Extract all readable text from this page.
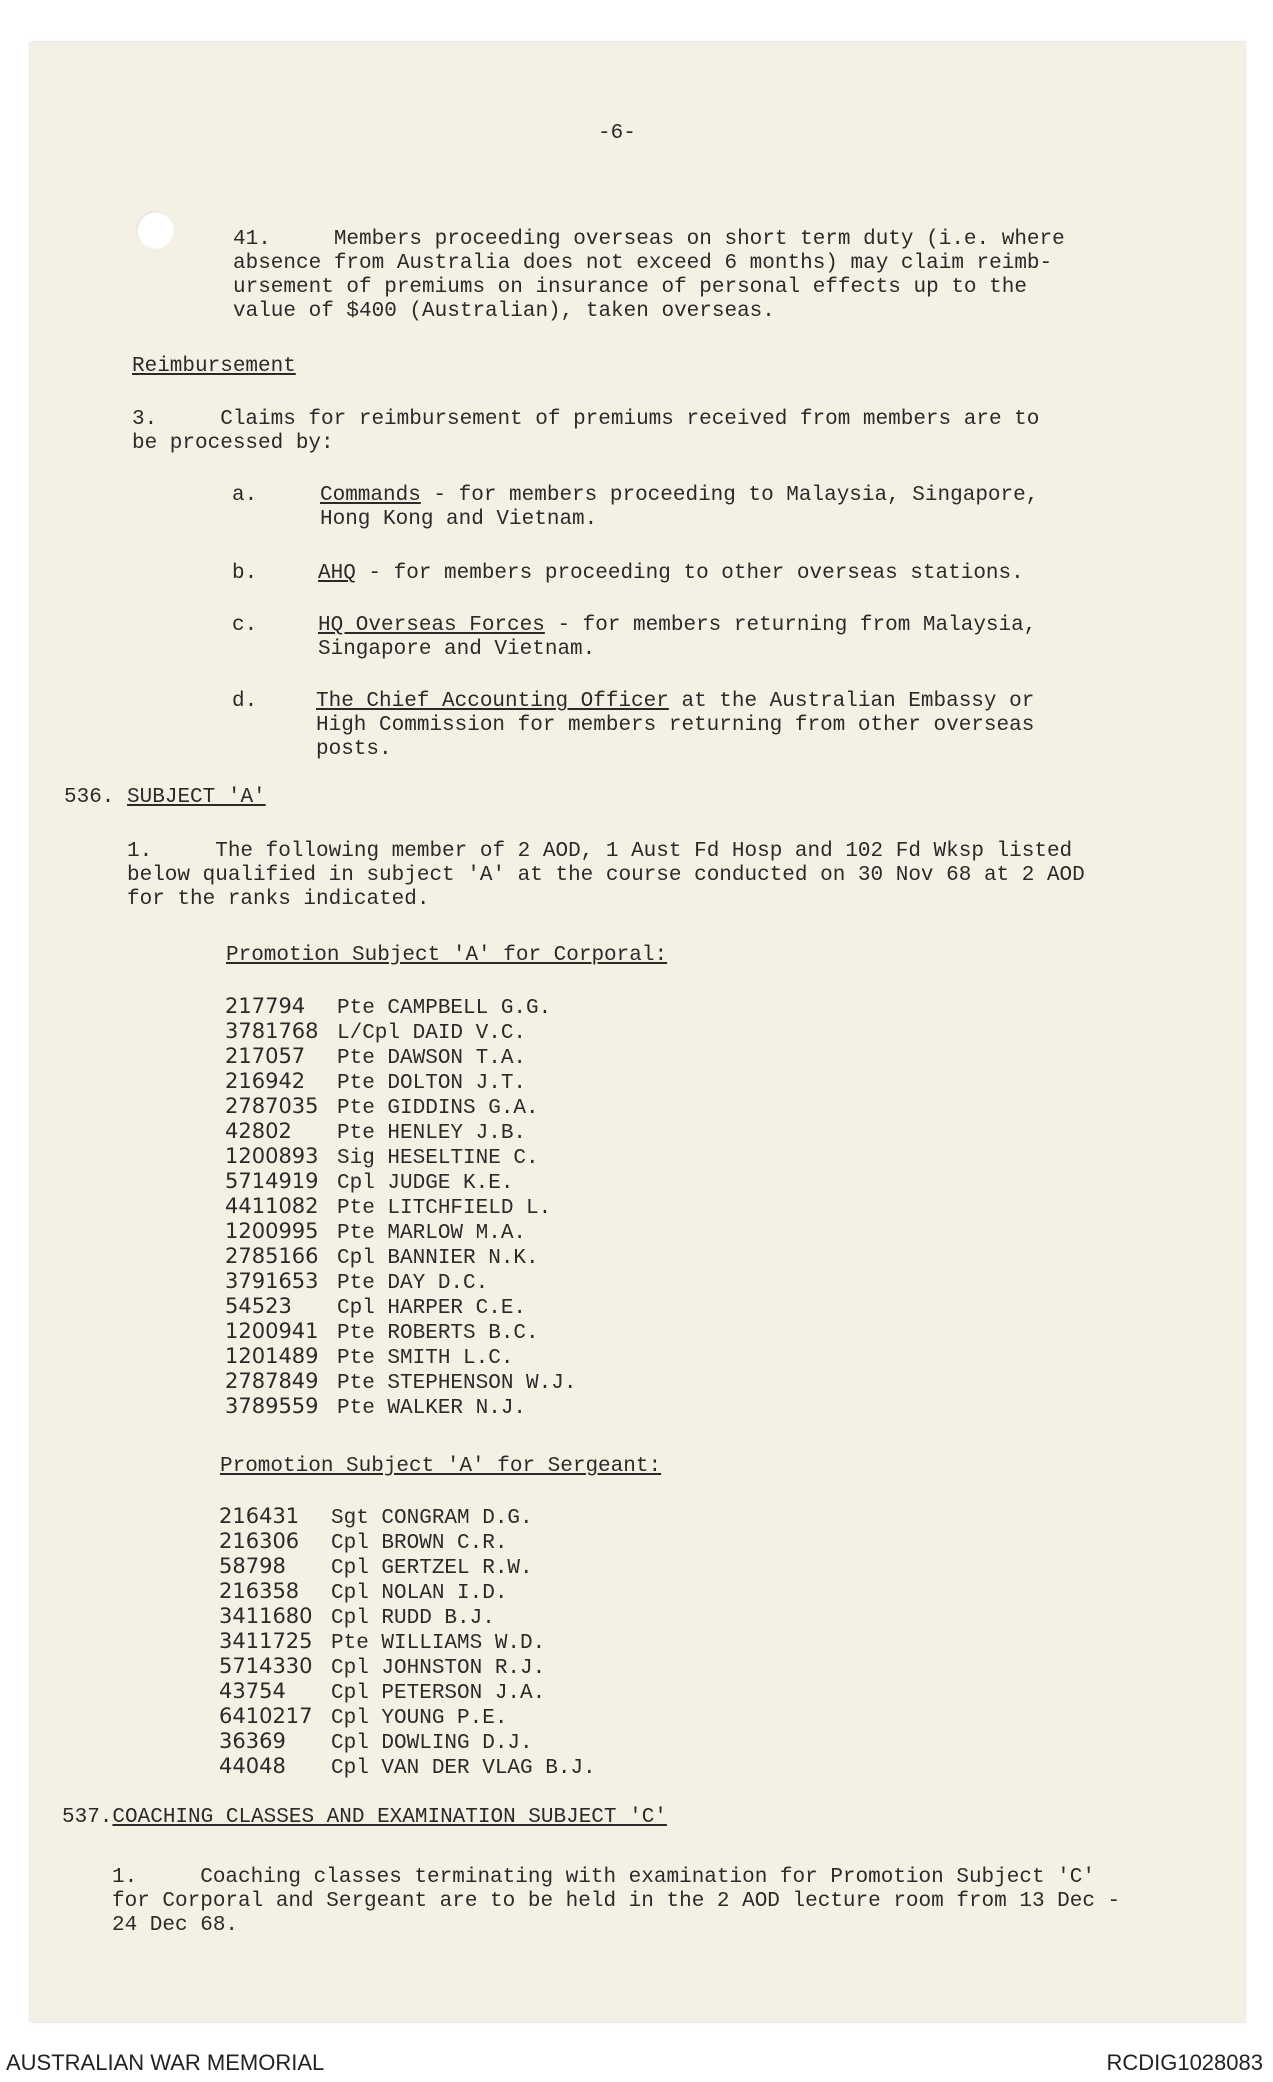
-6-
41.     Members proceeding overseas on short term duty (i.e. where
absence from Australia does not exceed 6 months) may claim reimb-
ursement of premiums on insurance of personal effects up to the
value of $400 (Australian), taken overseas.
Reimbursement
3.     Claims for reimbursement of premiums received from members are to
be processed by:
a.	Commands - for members proceeding to Malaysia, Singapore,
Hong Kong and Vietnam.
b.	AHQ - for members proceeding to other overseas stations.
c.	HQ Overseas Forces - for members returning from Malaysia,
Singapore and Vietnam.
d.	The Chief Accounting Officer at the Australian Embassy or
High Commission for members returning from other overseas
posts.
536. SUBJECT 'A'
1.     The following member of 2 AOD, 1 Aust Fd Hosp and 102 Fd Wksp listed
below qualified in subject 'A' at the course conducted on 30 Nov 68 at 2 AOD
for the ranks indicated.
Promotion Subject 'A' for Corporal:
217794 Pte CAMPBELL G.G.
3781768 L/Cpl DAID V.C.
217057 Pte DAWSON T.A.
216942 Pte DOLTON J.T.
2787035 Pte GIDDINS G.A.
42802 Pte HENLEY J.B.
1200893 Sig HESELTINE C.
5714919 Cpl JUDGE K.E.
4411082 Pte LITCHFIELD L.
1200995 Pte MARLOW M.A.
2785166 Cpl BANNIER N.K.
3791653 Pte DAY D.C.
54523 Cpl HARPER C.E.
1200941 Pte ROBERTS B.C.
1201489 Pte SMITH L.C.
2787849 Pte STEPHENSON W.J.
3789559 Pte WALKER N.J.
Promotion Subject 'A' for Sergeant:
216431 Sgt CONGRAM D.G.
216306 Cpl BROWN C.R.
58798 Cpl GERTZEL R.W.
216358 Cpl NOLAN I.D.
3411680 Cpl RUDD B.J.
3411725 Pte WILLIAMS W.D.
5714330 Cpl JOHNSTON R.J.
43754 Cpl PETERSON J.A.
6410217 Cpl YOUNG P.E.
36369 Cpl DOWLING D.J.
44048 Cpl VAN DER VLAG B.J.
537.COACHING CLASSES AND EXAMINATION SUBJECT 'C'
1.     Coaching classes terminating with examination for Promotion Subject 'C'
for Corporal and Sergeant are to be held in the 2 AOD lecture room from 13 Dec -
24 Dec 68.
AUSTRALIAN WAR MEMORIAL	RCDIG1028083
